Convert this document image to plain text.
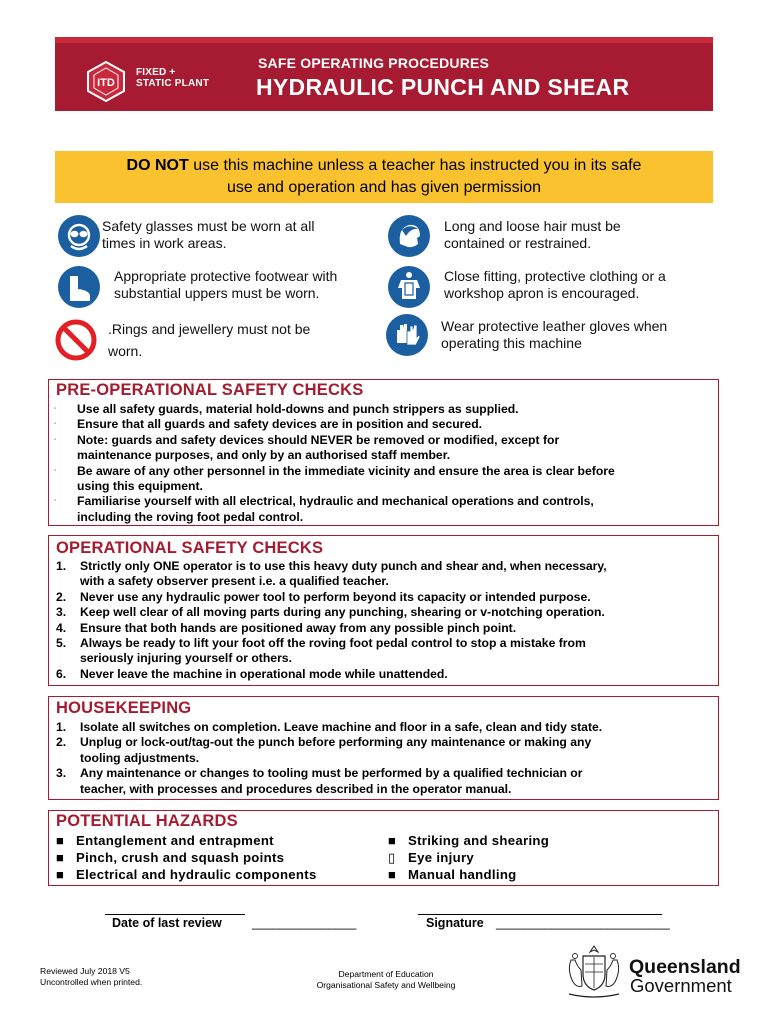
ITD
FIXED +
STATIC PLANT
SAFE OPERATING PROCEDURES
HYDRAULIC PUNCH AND SHEAR
DO NOT use this machine unless a teacher has instructed you in its safe
use and operation and has given permission
Safety glasses must be worn at all
times in work areas.
Long and loose hair must be
contained or restrained.
Appropriate protective footwear with
substantial uppers must be worn.
Close fitting, protective clothing or a
workshop apron is encouraged.
.Rings and jewellery must not be
worn.
Wear protective leather gloves when
operating this machine
PRE-OPERATIONAL SAFETY CHECKS
▫	Use all safety guards, material hold-downs and punch strippers as supplied.
▫	Ensure that all guards and safety devices are in position and secured.
▫	Note: guards and safety devices should NEVER be removed or modified, except for
maintenance purposes, and only by an authorised staff member.
▫	Be aware of any other personnel in the immediate vicinity and ensure the area is clear before
using this equipment.
▫	Familiarise yourself with all electrical, hydraulic and mechanical operations and controls,
including the roving foot pedal control.
OPERATIONAL SAFETY CHECKS
1.	Strictly only ONE operator is to use this heavy duty punch and shear and, when necessary,
with a safety observer present i.e. a qualified teacher.
2.	Never use any hydraulic power tool to perform beyond its capacity or intended purpose.
3.	Keep well clear of all moving parts during any punching, shearing or v-notching operation.
4.	Ensure that both hands are positioned away from any possible pinch point.
5.	Always be ready to lift your foot off the roving foot pedal control to stop a mistake from
seriously injuring yourself or others.
6.	Never leave the machine in operational mode while unattended.
HOUSEKEEPING
1.	Isolate all switches on completion. Leave machine and floor in a safe, clean and tidy state.
2.	Unplug or lock-out/tag-out the punch before performing any maintenance or making any
tooling adjustments.
3.	Any maintenance or changes to tooling must be performed by a qualified technician or
teacher, with processes and procedures described in the operator manual.
POTENTIAL HAZARDS
■ Entanglement and entrapment
■ Pinch, crush and squash points
■ Electrical and hydraulic components
■ Striking and shearing
▯ Eye injury
■ Manual handling
Date of last review _______________	Signature _________________________
Reviewed July 2018 V5
Uncontrolled when printed.
Department of Education
Organisational Safety and Wellbeing
Queensland
Government
